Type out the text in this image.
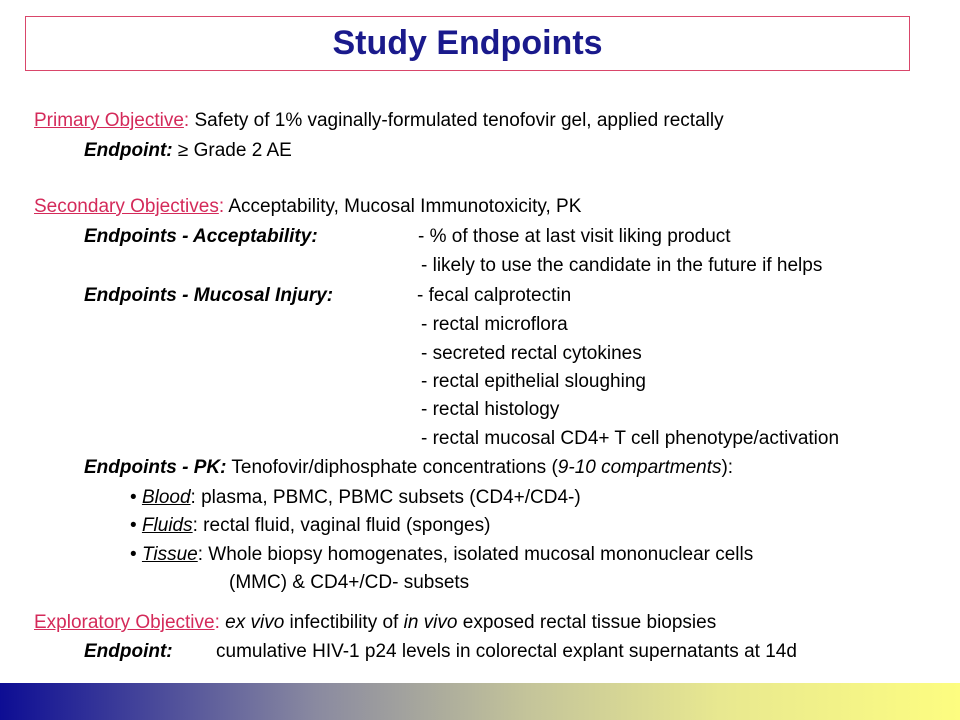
Study Endpoints
Primary Objective: Safety of 1% vaginally-formulated tenofovir gel, applied rectally
Endpoint: ≥ Grade 2 AE
Secondary Objectives: Acceptability, Mucosal Immunotoxicity, PK
Endpoints - Acceptability:	- % of those at last visit liking product
- likely to use the candidate in the future if helps
Endpoints - Mucosal Injury:	- fecal calprotectin
- rectal microflora
- secreted rectal cytokines
- rectal epithelial sloughing
- rectal histology
- rectal mucosal CD4+ T cell phenotype/activation
Endpoints - PK: Tenofovir/diphosphate concentrations (9-10 compartments):
• Blood: plasma, PBMC, PBMC subsets (CD4+/CD4-)
• Fluids: rectal fluid, vaginal fluid (sponges)
• Tissue: Whole biopsy homogenates, isolated mucosal mononuclear cells
(MMC) & CD4+/CD- subsets
Exploratory Objective: ex vivo infectibility of in vivo exposed rectal tissue biopsies
Endpoint: cumulative HIV-1 p24 levels in colorectal explant supernatants at 14d
